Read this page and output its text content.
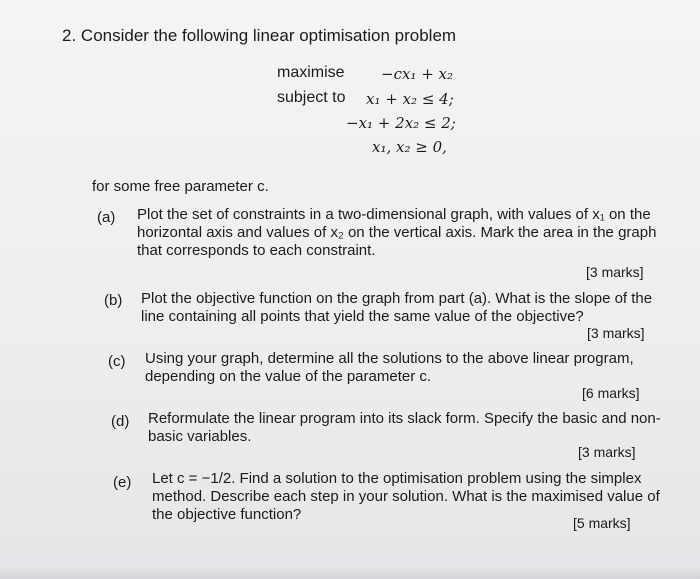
2. Consider the following linear optimisation problem
maximise −cx₁ + x₂
subject to x₁ + x₂ ≤ 4;
−x₁ + 2x₂ ≤ 2;
x₁, x₂ ≥ 0,
for some free parameter c.
(a) Plot the set of constraints in a two-dimensional graph, with values of x₁ on the
horizontal axis and values of x₂ on the vertical axis. Mark the area in the graph
that corresponds to each constraint.
[3 marks]
(b) Plot the objective function on the graph from part (a). What is the slope of the
line containing all points that yield the same value of the objective?
[3 marks]
(c) Using your graph, determine all the solutions to the above linear program,
depending on the value of the parameter c.
[6 marks]
(d) Reformulate the linear program into its slack form. Specify the basic and non-
basic variables.
[3 marks]
(e) Let c = −1/2. Find a solution to the optimisation problem using the simplex
method. Describe each step in your solution. What is the maximised value of
the objective function?	[5 marks]
